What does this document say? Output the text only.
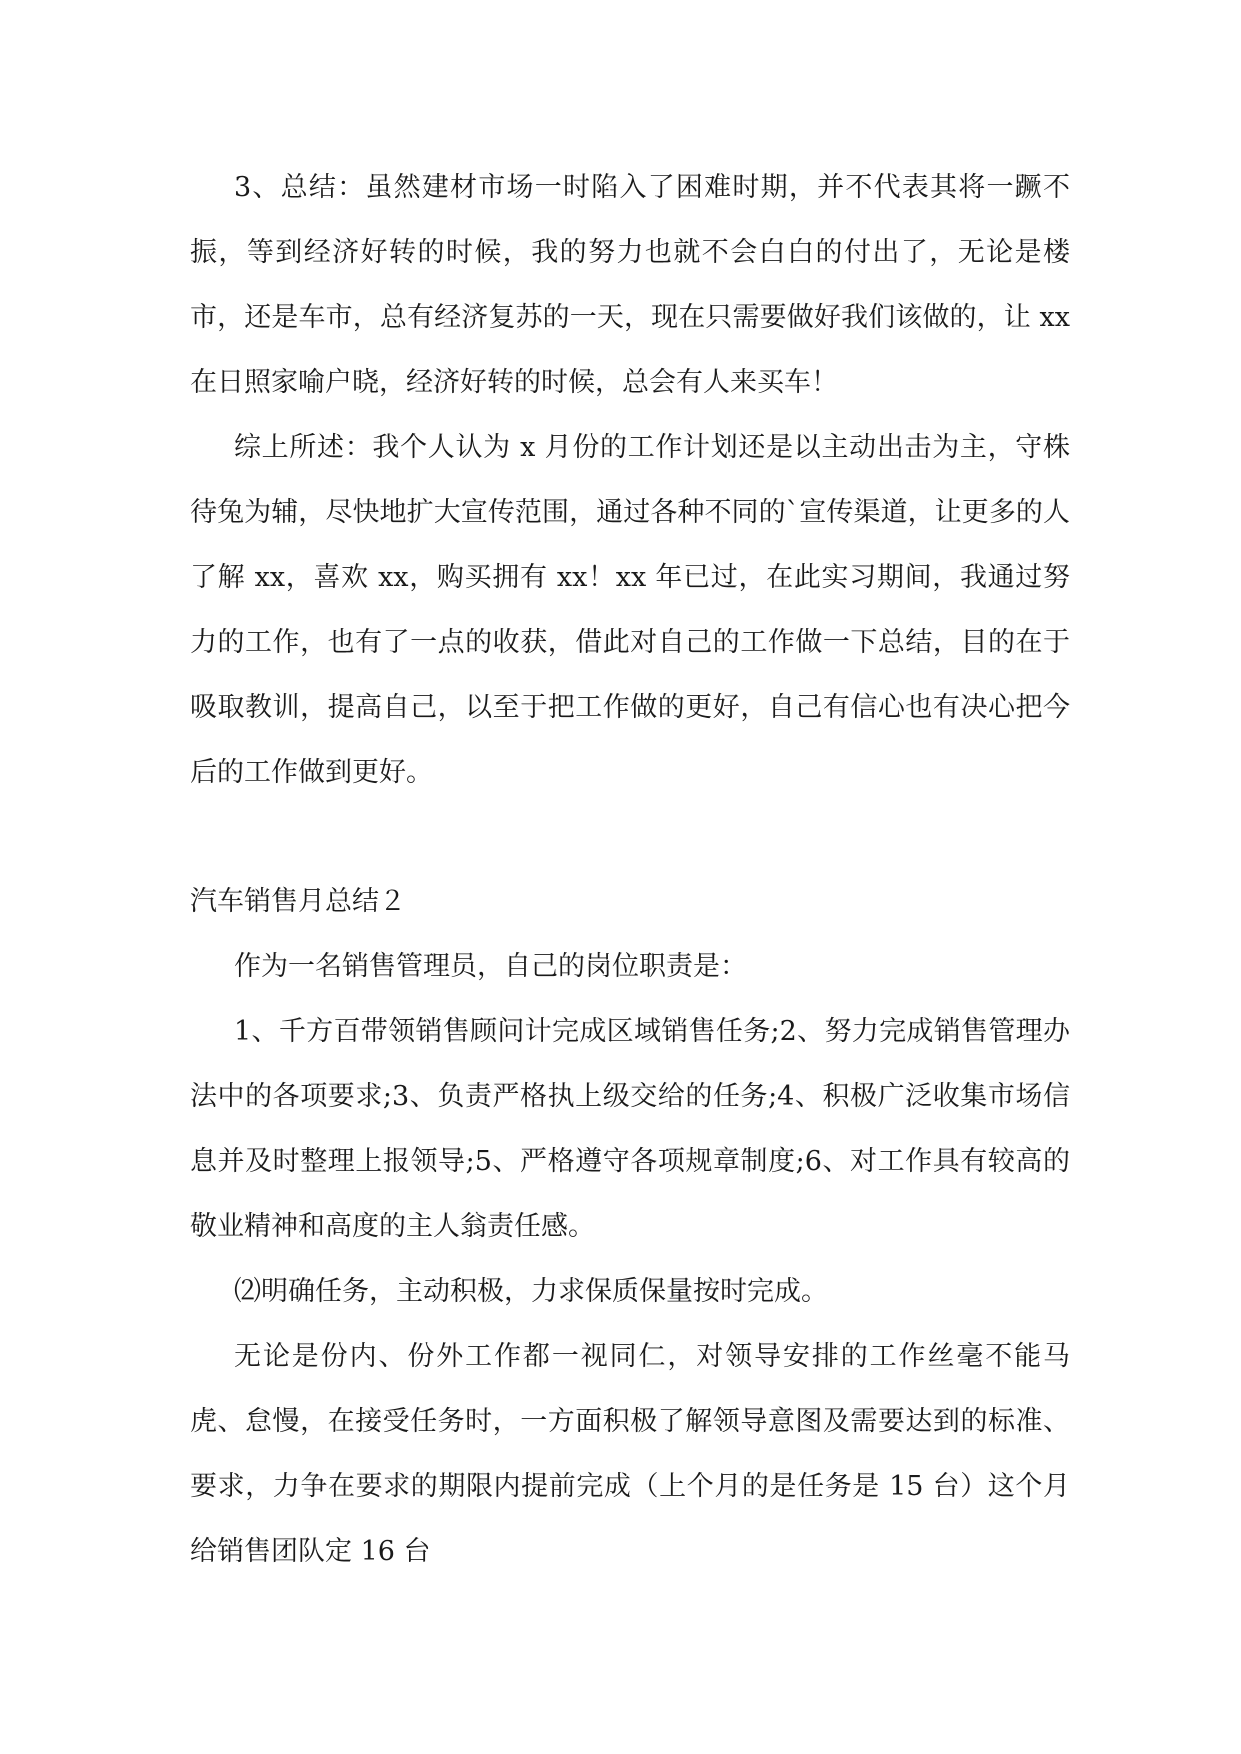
3、总结：虽然建材市场一时陷入了困难时期，并不代表其将一蹶不振，等到经济好转的时候，我的努力也就不会白白的付出了，无论是楼市，还是车市，总有经济复苏的一天，现在只需要做好我们该做的，让 xx 在日照家喻户晓，经济好转的时候，总会有人来买车！

综上所述：我个人认为 x 月份的工作计划还是以主动出击为主，守株待兔为辅，尽快地扩大宣传范围，通过各种不同的`宣传渠道，让更多的人了解 xx，喜欢 xx，购买拥有 xx！xx 年已过，在此实习期间，我通过努力的工作，也有了一点的收获，借此对自己的工作做一下总结，目的在于吸取教训，提高自己，以至于把工作做的更好，自己有信心也有决心把今后的工作做到更好。

汽车销售月总结２

作为一名销售管理员，自己的岗位职责是：

1、千方百带领销售顾问计完成区域销售任务;2、努力完成销售管理办法中的各项要求;3、负责严格执上级交给的任务;4、积极广泛收集市场信息并及时整理上报领导;5、严格遵守各项规章制度;6、对工作具有较高的敬业精神和高度的主人翁责任感。

⑵明确任务，主动积极，力求保质保量按时完成。

无论是份内、份外工作都一视同仁，对领导安排的工作丝毫不能马虎、怠慢，在接受任务时，一方面积极了解领导意图及需要达到的标准、要求，力争在要求的期限内提前完成（上个月的是任务是 15 台）这个月给销售团队定 16 台
